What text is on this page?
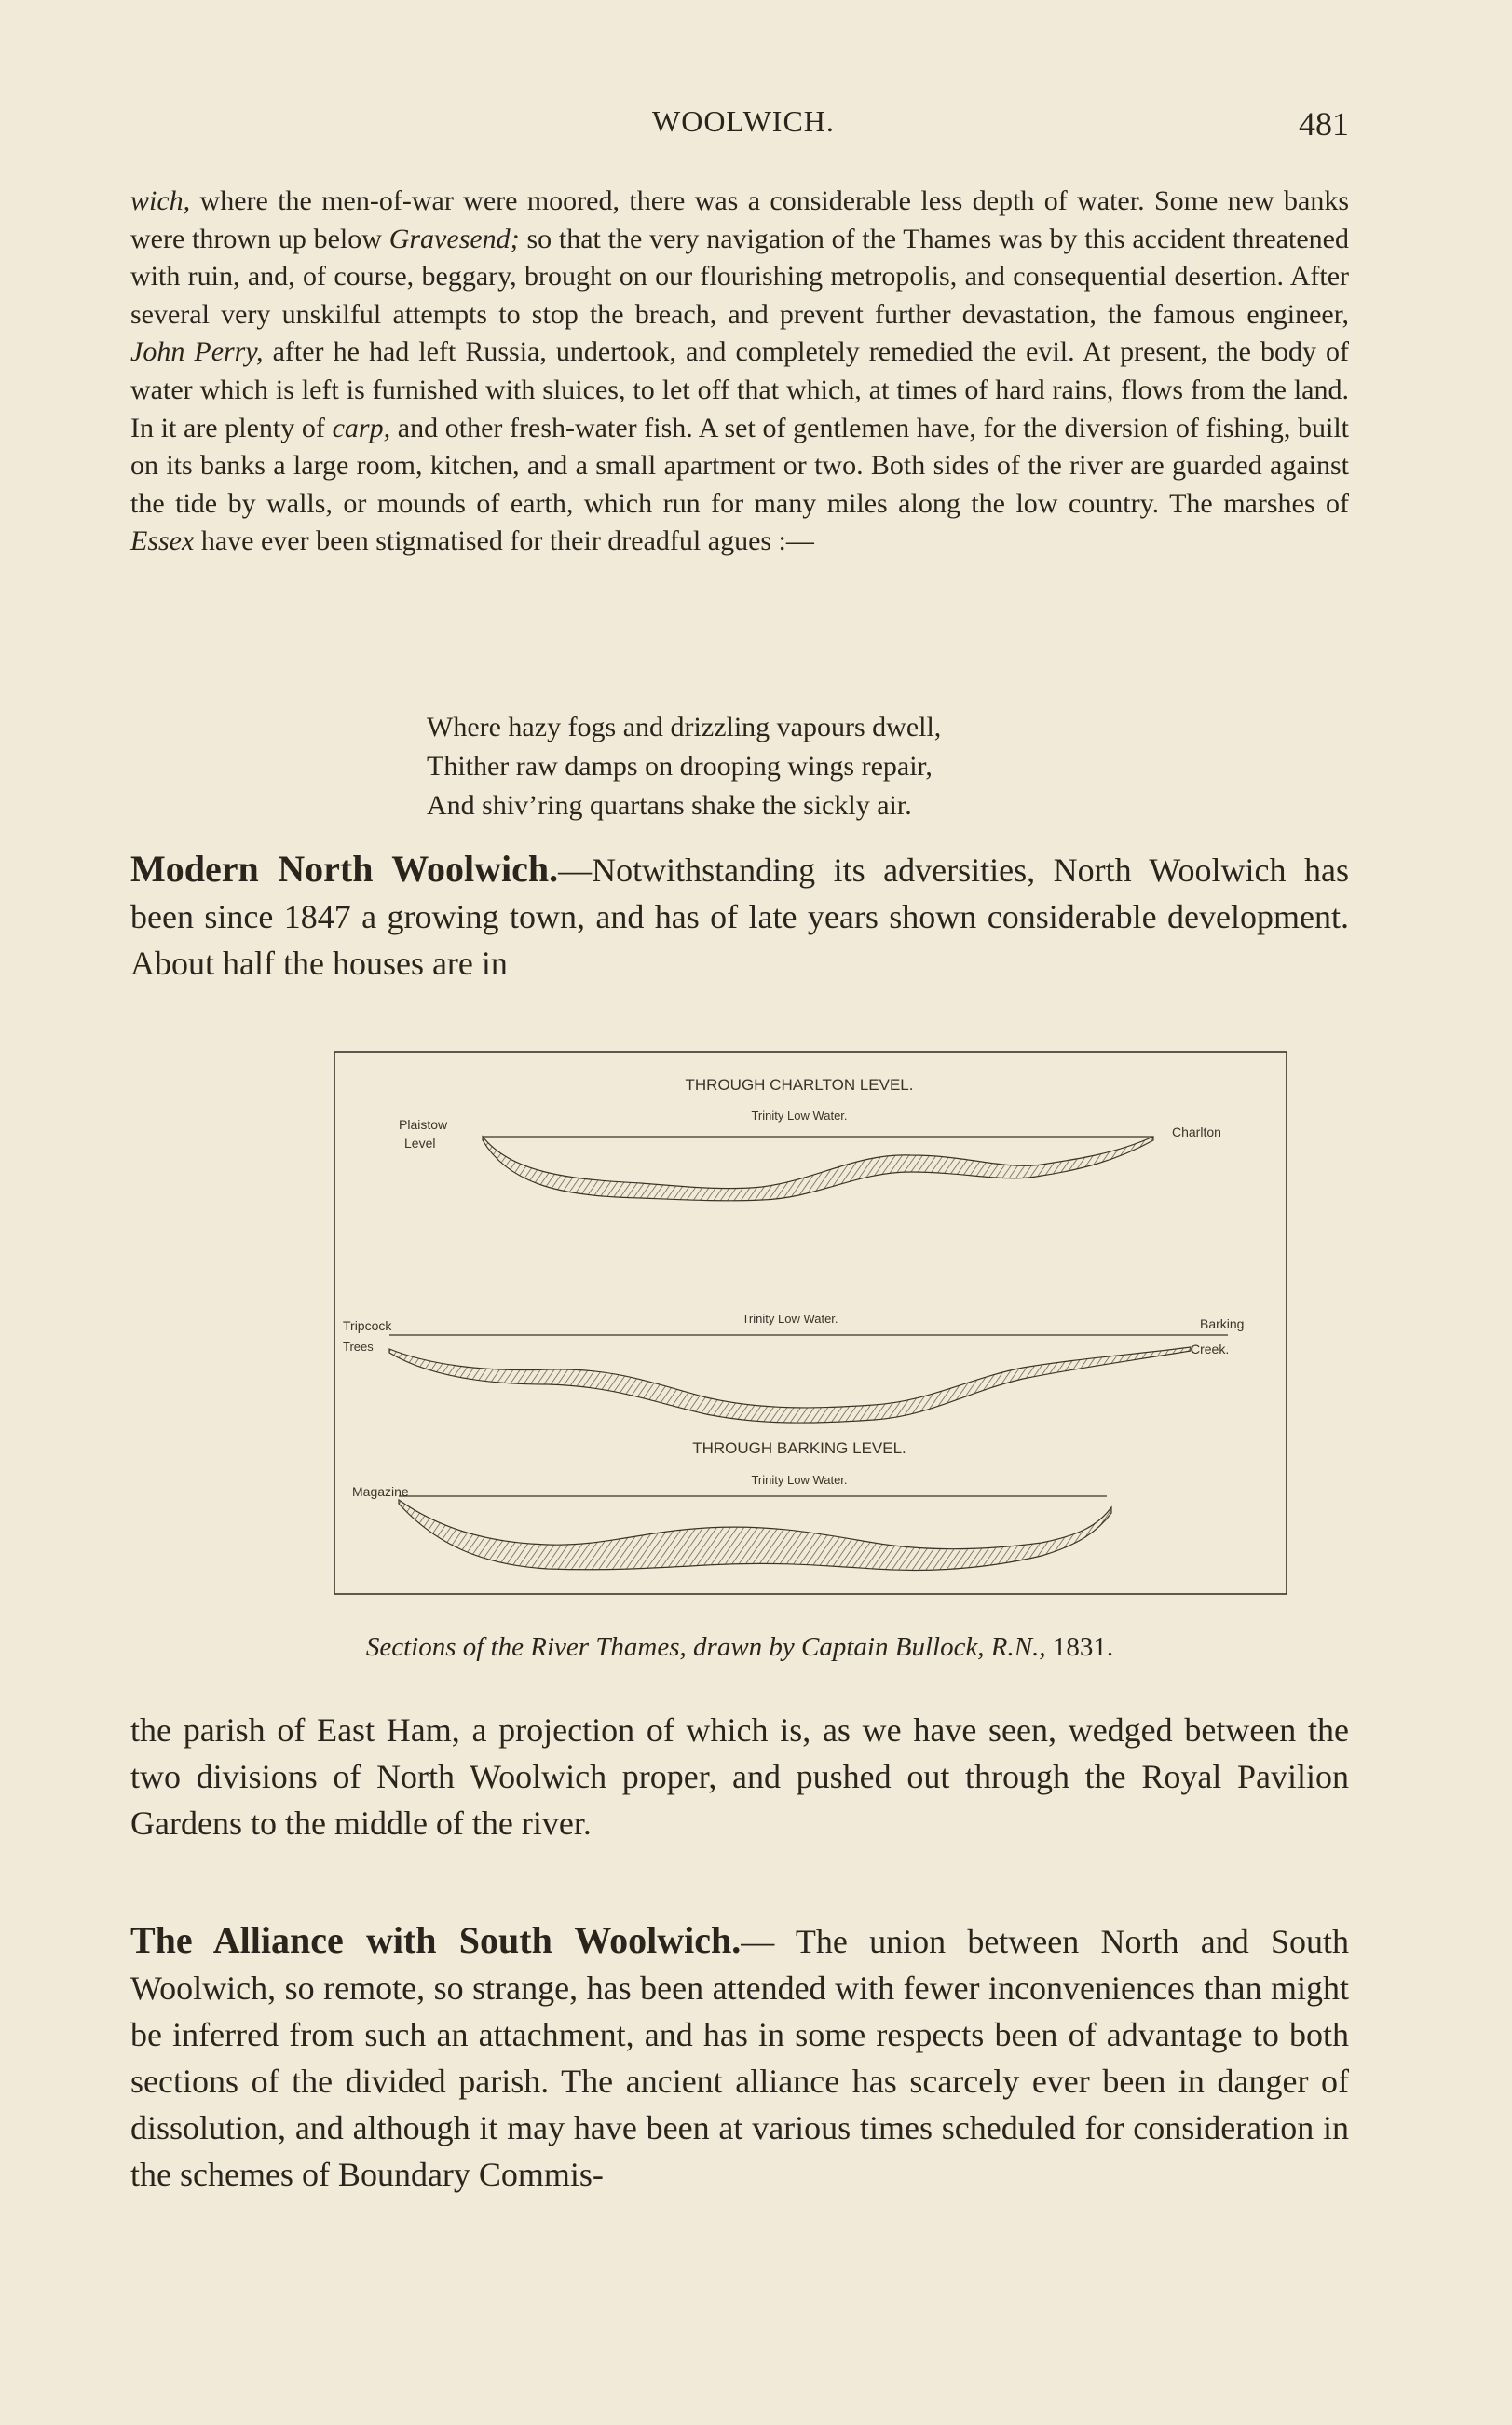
WOOLWICH.	481

wich, where the men-of-war were moored, there was a considerable less depth of water. Some new banks were thrown up below Gravesend; so that the very navigation of the Thames was by this accident threatened with ruin, and, of course, beggary, brought on our flourishing metropolis, and consequential desertion. After several very unskilful attempts to stop the breach, and prevent further devastation, the famous engineer, John Perry, after he had left Russia, undertook, and completely remedied the evil. At present, the body of water which is left is furnished with sluices, to let off that which, at times of hard rains, flows from the land. In it are plenty of carp, and other fresh-water fish. A set of gentlemen have, for the diversion of fishing, built on its banks a large room, kitchen, and a small apartment or two. Both sides of the river are guarded against the tide by walls, or mounds of earth, which run for many miles along the low country. The marshes of Essex have ever been stigmatised for their dreadful agues :—

Where hazy fogs and drizzling vapours dwell,
Thither raw damps on drooping wings repair,
And shiv’ring quartans shake the sickly air.

Modern North Woolwich.—Notwithstanding its adversities, North Woolwich has been since 1847 a growing town, and has of late years shown considerable development. About half the houses are in

THROUGH CHARLTON LEVEL.
Trinity Low Water.
Plaistow
Level
Charlton
Trinity Low Water.
Tripcock
Trees
Barking
Creek.
THROUGH BARKING LEVEL.
Trinity Low Water.
Magazine
Sections of the River Thames, drawn by Captain Bullock, R.N., 1831.

the parish of East Ham, a projection of which is, as we have seen, wedged between the two divisions of North Woolwich proper, and pushed out through the Royal Pavilion Gardens to the middle of the river.

The Alliance with South Woolwich.— The union between North and South Woolwich, so remote, so strange, has been attended with fewer inconveniences than might be inferred from such an attachment, and has in some respects been of advantage to both sections of the divided parish. The ancient alliance has scarcely ever been in danger of dissolution, and although it may have been at various times scheduled for consideration in the schemes of Boundary Commis-
